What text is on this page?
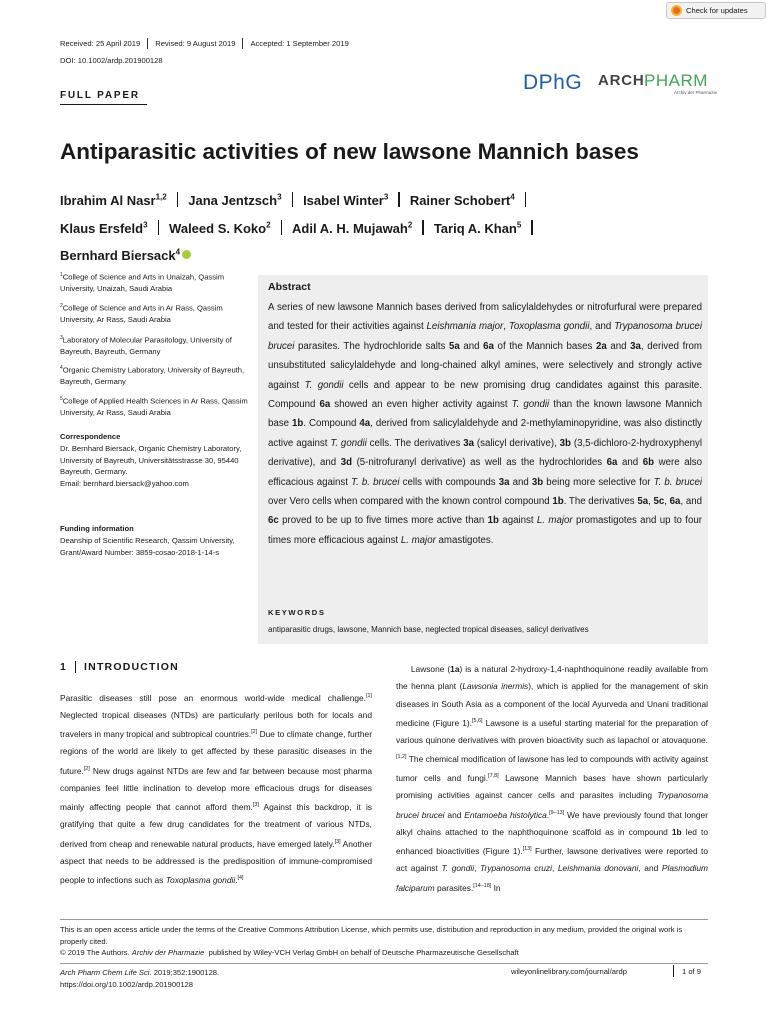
Check for updates
Received: 25 April 2019 Revised: 9 August 2019 Accepted: 1 September 2019
DOI: 10.1002/ardp.201900128
DPhG ARCH PHARM
Archiv der Pharmazie
FULL PAPER
Antiparasitic activities of new lawsone Mannich bases
Ibrahim Al Nasr$^{1,2}$ Jana Jentzsch$^3$ Isabel Winter$^3$ Rainer Schobert$^4$
Klaus Ersfeld$^3$ Waleed S. Koko$^2$ Adil A. H. Mujawah$^2$ Tariq A. Khan$^5$
Bernhard Biersack$^4$
$^1$College of Science and Arts in Unaizah, Qassim University, Unaizah, Saudi Arabia
$^2$College of Science and Arts in Ar Rass, Qassim University, Ar Rass, Saudi Arabia
$^3$Laboratory of Molecular Parasitology, University of Bayreuth, Bayreuth, Germany
$^4$Organic Chemistry Laboratory, University of Bayreuth, Bayreuth, Germany
$^5$College of Applied Health Sciences in Ar Rass, Qassim University, Ar Rass, Saudi Arabia
Correspondence
Dr. Bernhard Biersack, Organic Chemistry Laboratory, University of Bayreuth, Universitätsstrasse 30, 95440 Bayreuth, Germany.
Email: bernhard.biersack@yahoo.com
Funding information
Deanship of Scientific Research, Qassim University, Grant/Award Number: 3859-cosao-2018-1-14-s
Abstract
A series of new lawsone Mannich bases derived from salicylaldehydes or nitrofurfural were prepared and tested for their activities against Leishmania major, Toxoplasma gondii, and Trypanosoma brucei brucei parasites. The hydrochloride salts 5a and 6a of the Mannich bases 2a and 3a, derived from unsubstituted salicylaldehyde and long-chained alkyl amines, were selectively and strongly active against T. gondii cells and appear to be new promising drug candidates against this parasite. Compound 6a showed an even higher activity against T. gondii than the known lawsone Mannich base 1b. Compound 4a, derived from salicylaldehyde and 2-methylaminopyridine, was also distinctly active against T. gondii cells. The derivatives 3a (salicyl derivative), 3b (3,5-dichloro-2-hydroxyphenyl derivative), and 3d (5-nitrofuranyl derivative) as well as the hydrochlorides 6a and 6b were also efficacious against T. b. brucei cells with compounds 3a and 3b being more selective for T. b. brucei over Vero cells when compared with the known control compound 1b. The derivatives 5a, 5c, 6a, and 6c proved to be up to five times more active than 1b against L. major promastigotes and up to four times more efficacious against L. major amastigotes.
KEYWORDS
antiparasitic drugs, lawsone, Mannich base, neglected tropical diseases, salicyl derivatives
1 INTRODUCTION
Parasitic diseases still pose an enormous world-wide medical challenge.[1] Neglected tropical diseases (NTDs) are particularly perilous both for locals and travelers in many tropical and subtropical countries.[2] Due to climate change, further regions of the world are likely to get affected by these parasitic diseases in the future.[2] New drugs against NTDs are few and far between because most pharma companies feel little inclination to develop more efficacious drugs for diseases mainly affecting people that cannot afford them.[3] Against this backdrop, it is gratifying that quite a few drug candidates for the treatment of various NTDs, derived from cheap and renewable natural products, have emerged lately.[3] Another aspect that needs to be addressed is the predisposition of immune-compromised people to infections such as Toxoplasma gondii.[4]
Lawsone (1a) is a natural 2-hydroxy-1,4-naphthoquinone readily available from the henna plant (Lawsonia inermis), which is applied for the management of skin diseases in South Asia as a component of the local Ayurveda and Unani traditional medicine (Figure 1).[5,6] Lawsone is a useful starting material for the preparation of various quinone derivatives with proven bioactivity such as lapachol or atovaquone.[1,2] The chemical modification of lawsone has led to compounds with activity against tumor cells and fungi.[7,8] Lawsone Mannich bases have shown particularly promising activities against cancer cells and parasites including Trypanosoma brucei brucei and Entamoeba histolytica.[9–13] We have previously found that longer alkyl chains attached to the naphthoquinone scaffold as in compound 1b led to enhanced bioactivities (Figure 1).[13] Further, lawsone derivatives were reported to act against T. gondii, Trypanosoma cruzi, Leishmania donovani, and Plasmodium falciparum parasites.[14–18] In
This is an open access article under the terms of the Creative Commons Attribution License, which permits use, distribution and reproduction in any medium, provided the original work is properly cited.
© 2019 The Authors. Archiv der Pharmazie  published by Wiley-VCH Verlag GmbH on behalf of Deutsche Pharmazeutische Gesellschaft
Arch Pharm Chem Life Sci. 2019;352:1900128.
https://doi.org/10.1002/ardp.201900128
wileyonlinelibrary.com/journal/ardp	1 of 9
